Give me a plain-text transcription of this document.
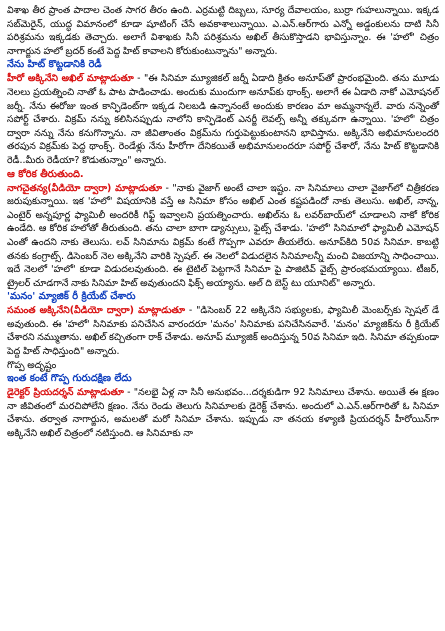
విశాఖ తీర ప్రాంత పాదాల చెంత సాగర తీరం ఉంది. ఎర్రమట్టి దిబ్బలు, సూర్య దేవాలయం, బుర్రా గుహలున్నాయి. ఇక్కడ సబ్‌మెరైన్, యుద్ధ విమానంలో కూడా షూటింగ్ చేసే అవకాశాలున్నాయి. ఎ.ఎన్.ఆర్‌గారు ఎన్నో అడ్డంకులను దాటి సినీ పరిశ్రమను ఇక్కడకు తెచ్చారు. అలాగే విశాఖకు సినీ పరిశ్రమను అఖిల్ తీసుకొస్తాడని భావిస్తున్నాం. ఈ 'హలో' చిత్రం నాగార్జున హలో బ్రదర్ కంటే పెద్ద హిట్ కావాలని కోరుకుంటున్నాను" అన్నారు.

నేను హిట్ కొట్టడానికి రెడీ

హీరో అక్కినేని అఖిల్ మాట్లాడుతూ - "ఈ సినిమా మ్యూజికల్ జర్నీ ఏడాది క్రితం అనూప్‌తో ప్రారంభమైంది. తను మూడు నెలలు ప్రయత్నించి నాతో ఓ పాట పాడించాడు. అందుకు ముందుగా అనూప్‌కు థాంక్స్. అలాగే ఈ ఏడాది నాకో ఎమోషనల్ జర్నీ. నేను ఈరోజు ఇంత కాన్ఫిడెంట్‌గా ఇక్కడ నిలబడి ఉన్నానంటే అందుకు కారణం మా అమ్మనాన్నలే. వారు నన్నెంతో సపోర్ట్ చేశారు. విక్రమ్ నన్ను కలిసినప్పుడు నాలోని కాన్ఫిడెంట్ ఎనర్జీ లెవల్స్ అన్నీ తక్కువగా ఉన్నాయి. 'హలో' చిత్రం ద్వారా నన్ను నేను కనుగొన్నాను. నా జీవితాంతం విక్రమ్‌ను గుర్తుపెట్టుకుంటానని భావిస్తాను. అక్కినేని అభిమానులందరి తరపున విక్రమ్‌కు పెద్ద థాంక్స్. రెండేళ్లు నేను హీరోగా దేనికయితే అభిమానులందరూ సపోర్ట్ చేశారో, నేను హిట్ కొట్టడానికి రెడీ..మీరు రెడీయా? కొడుతున్నాం" అన్నారు.

ఆ కోరిక తీరుతుంది.

నాగచైతన్య(వీడియో ద్వారా) మాట్లాడుతూ - "నాకు వైజాగ్ అంటే చాలా ఇష్టం. నా సినిమాలు చాలా వైజాగ్‌లో చిత్రీకరణ జరుపుకున్నాయి. ఇక 'హలో' విషయానికి వస్తే ఆ సినిమా కోసం అఖిల్ ఎంత కష్టపడిందో నాకు తెలుసు. అఖిల్, నాన్న, ఎంటైర్ అన్నపూర్ణ ఫ్యామిలీ అందరికీ గిఫ్ట్ ఇవ్వాలని ప్రయత్నించారు. అఖిల్‌ను ఓ లవర్‌బాయ్‌లో చూడాలని నాకో కోరిక ఉండేది. ఆ కోరిక హలోతో తీరుతుంది. తను చాలా బాగా డ్యాన్సులు, ఫైట్స్ చేశాడు. 'హలో' సినిమాలో ఫ్యామిలీ ఎమోషన్ ఎంతో ఉందని నాకు తెలుసు. లవ్ సినిమాను విక్రమ్ కంటే గొప్పగా ఎవరూ తీయలేరు. అనూప్‌కిది 50వ సినిమా. కాబట్టి తనకు కంగ్రాట్స్. డిసెంబర్ నెల అక్కినేని వారికి స్పెషల్. ఈ నెలలో విడుదలైన సినిమాలన్నీ మంచి విజయాన్ని సాధించాయి. ఇదే నెలలో 'హలో' కూడా విడుదలవుతుంది. ఈ టైటిల్ పెట్టగానే సినిమా పై పాజిటివ్ వైబ్స్ ప్రారంభమయ్యాయి. టీజర్, ట్రైలర్ చూడగానే నాకు సినిమా హిట్ అవుతుందని ఫిక్స్ అయ్యాను. ఆల్ ది బెస్ట్ టు యూనిట్" అన్నారు.

'మనం' మ్యాజిక్ రీ క్రియేట్ చేశారు

సమంత అక్కినేని(వీడియో ద్వారా) మాట్లాడుతూ - "డిసెంబర్ 22 అక్కినేని సభ్యులకు, ఫ్యామిలీ మెంబర్స్‌కు స్పెషల్ డే అవుతుంది. ఈ 'హలో' సినిమాకు పనిచేసిన వారందరూ 'మనం' సినిమాకు పనిచేసినవారే. 'మనం' మ్యాజిక్‌ను రీ క్రియేట్ చేశారని నమ్ముతాను. అఖిల్ కచ్చితంగా రాక్ చేశాడు. అనూప్ మ్యూజిక్ అందిస్తున్న 50వ సినిమా ఇది. సినిమా తప్పకుండా పెద్ద హిట్ సాధిస్తుంది" అన్నారు.

గొప్ప అదృష్టం

ఇంత కంటే గొప్ప గురుదక్షిణ లేదు

డైరెక్టర్ ప్రియదర్శన్ మాట్లాడుతూ - "నలభై ఏళ్ల నా సినీ అనుభవం...దర్శకుడిగా 92 సినిమాలు చేశాను. అయితే ఈ క్షణం నా జీవితంలో మరచిపోలేని క్షణం. నేను రెండు తెలుగు సినిమాలకు డైరెక్ట్ చేశాను. అందులో ఎ.ఎన్.ఆర్‌గారితో ఓ సినిమా చేశాను. తర్వాత నాగార్జున, అమలతో మరో సినిమా చేశాను. ఇప్పుడు నా తనయ కళ్యాణి ప్రియదర్శన్ హీరోయిన్‌గా అక్కినేని అఖిల్ చిత్రంలో నటిస్తుంది. ఆ సినిమాకు నా
